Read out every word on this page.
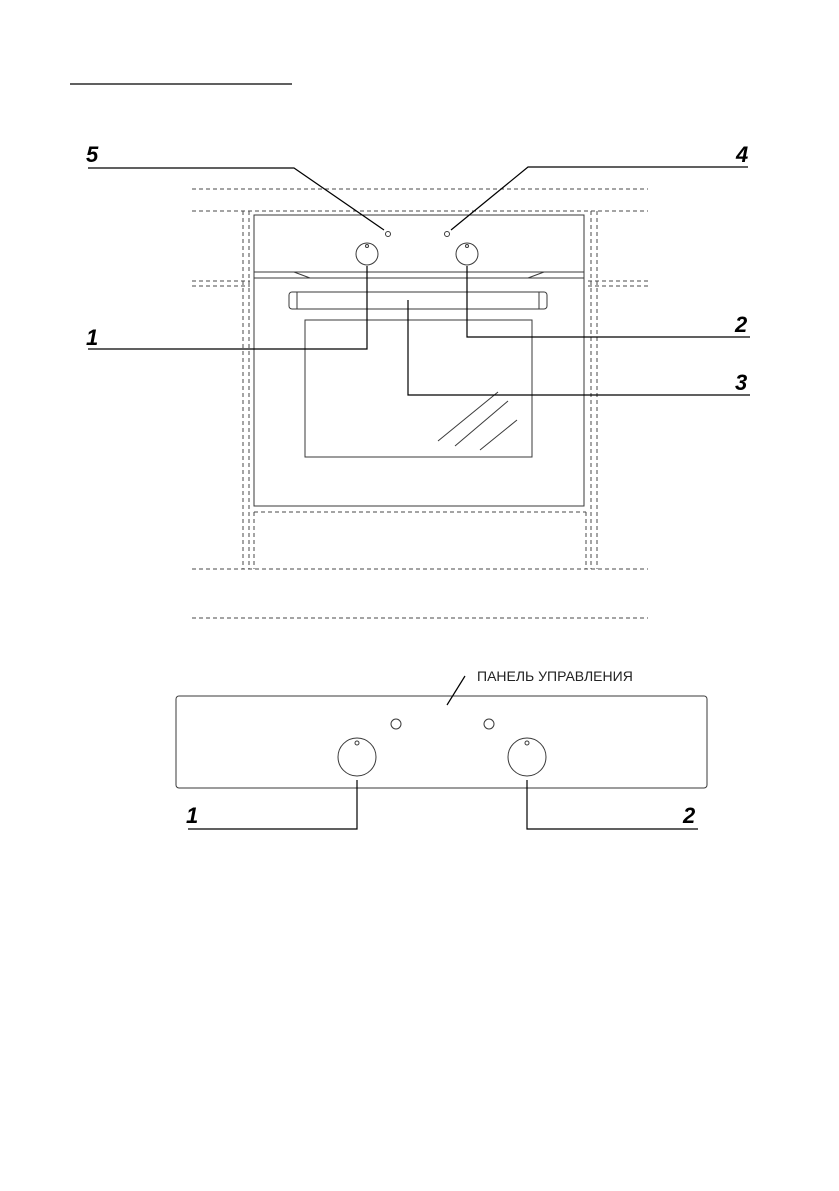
5	4
1
2
3
ПАНЕЛЬ УПРАВЛЕНИЯ
1	2
